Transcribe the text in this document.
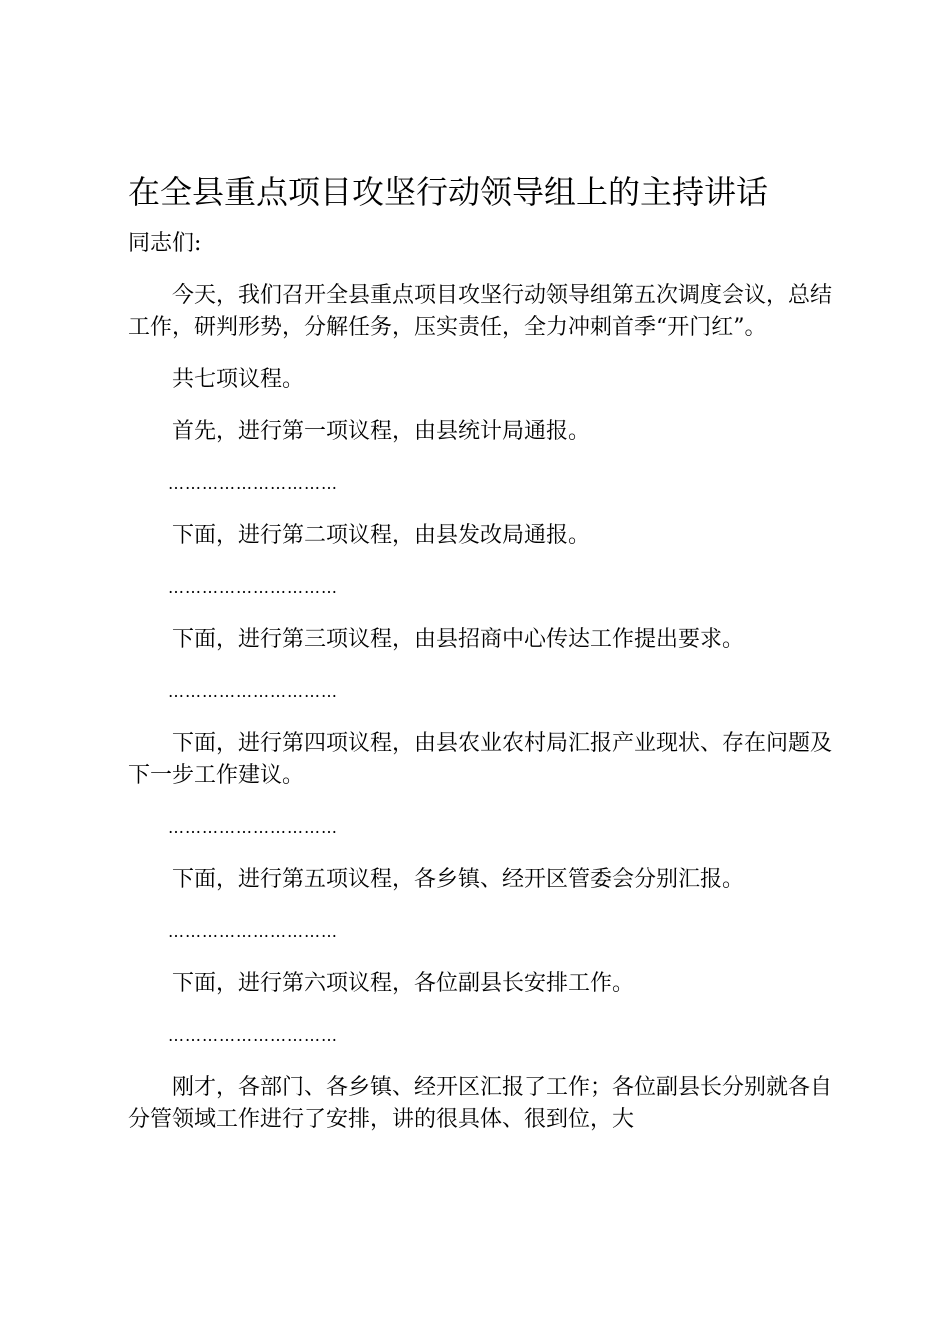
在全县重点项目攻坚行动领导组上的主持讲话
同志们:

今天，我们召开全县重点项目攻坚行动领导组第五次调度会议，总结工作，研判形势，分解任务，压实责任，全力冲刺首季“开门红”。

共七项议程。

首先，进行第一项议程，由县统计局通报。

…………………………

下面，进行第二项议程，由县发改局通报。

…………………………

下面，进行第三项议程，由县招商中心传达工作提出要求。

…………………………

下面，进行第四项议程，由县农业农村局汇报产业现状、存在问题及下一步工作建议。

…………………………

下面，进行第五项议程，各乡镇、经开区管委会分别汇报。

…………………………

下面，进行第六项议程，各位副县长安排工作。

…………………………

刚才，各部门、各乡镇、经开区汇报了工作；各位副县长分别就各自分管领域工作进行了安排，讲的很具体、很到位，大
